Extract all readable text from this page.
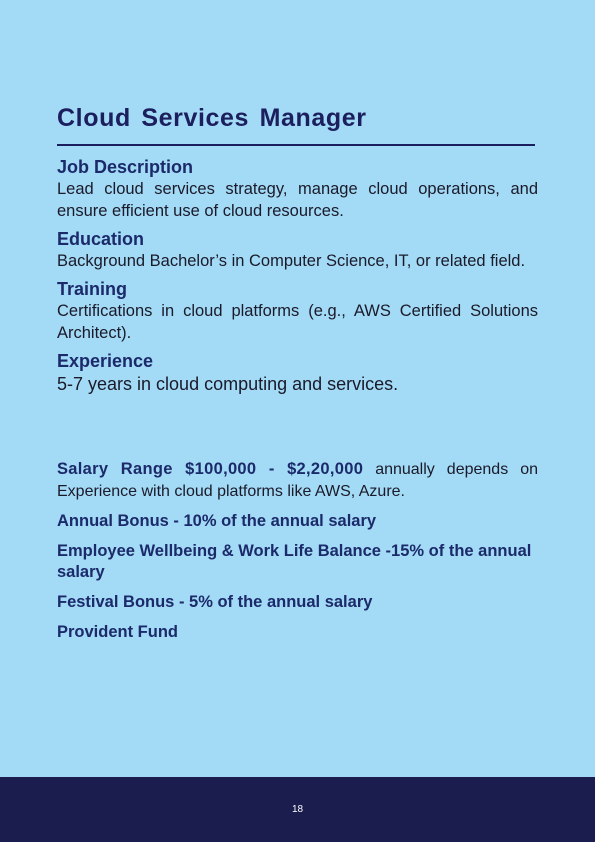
Cloud Services Manager
Job Description
Lead cloud services strategy, manage cloud operations, and ensure efficient use of cloud resources.
Education
Background Bachelor’s in Computer Science, IT, or related field.
Training
Certifications in cloud platforms (e.g., AWS Certified Solutions Architect).
Experience
5-7 years in cloud computing and services.
Salary Range $100,000 - $2,20,000 annually depends on Experience with cloud platforms like AWS, Azure.
Annual Bonus - 10% of the annual salary
Employee Wellbeing & Work Life Balance -15% of the annual salary
Festival Bonus - 5% of the annual salary
Provident Fund
18
